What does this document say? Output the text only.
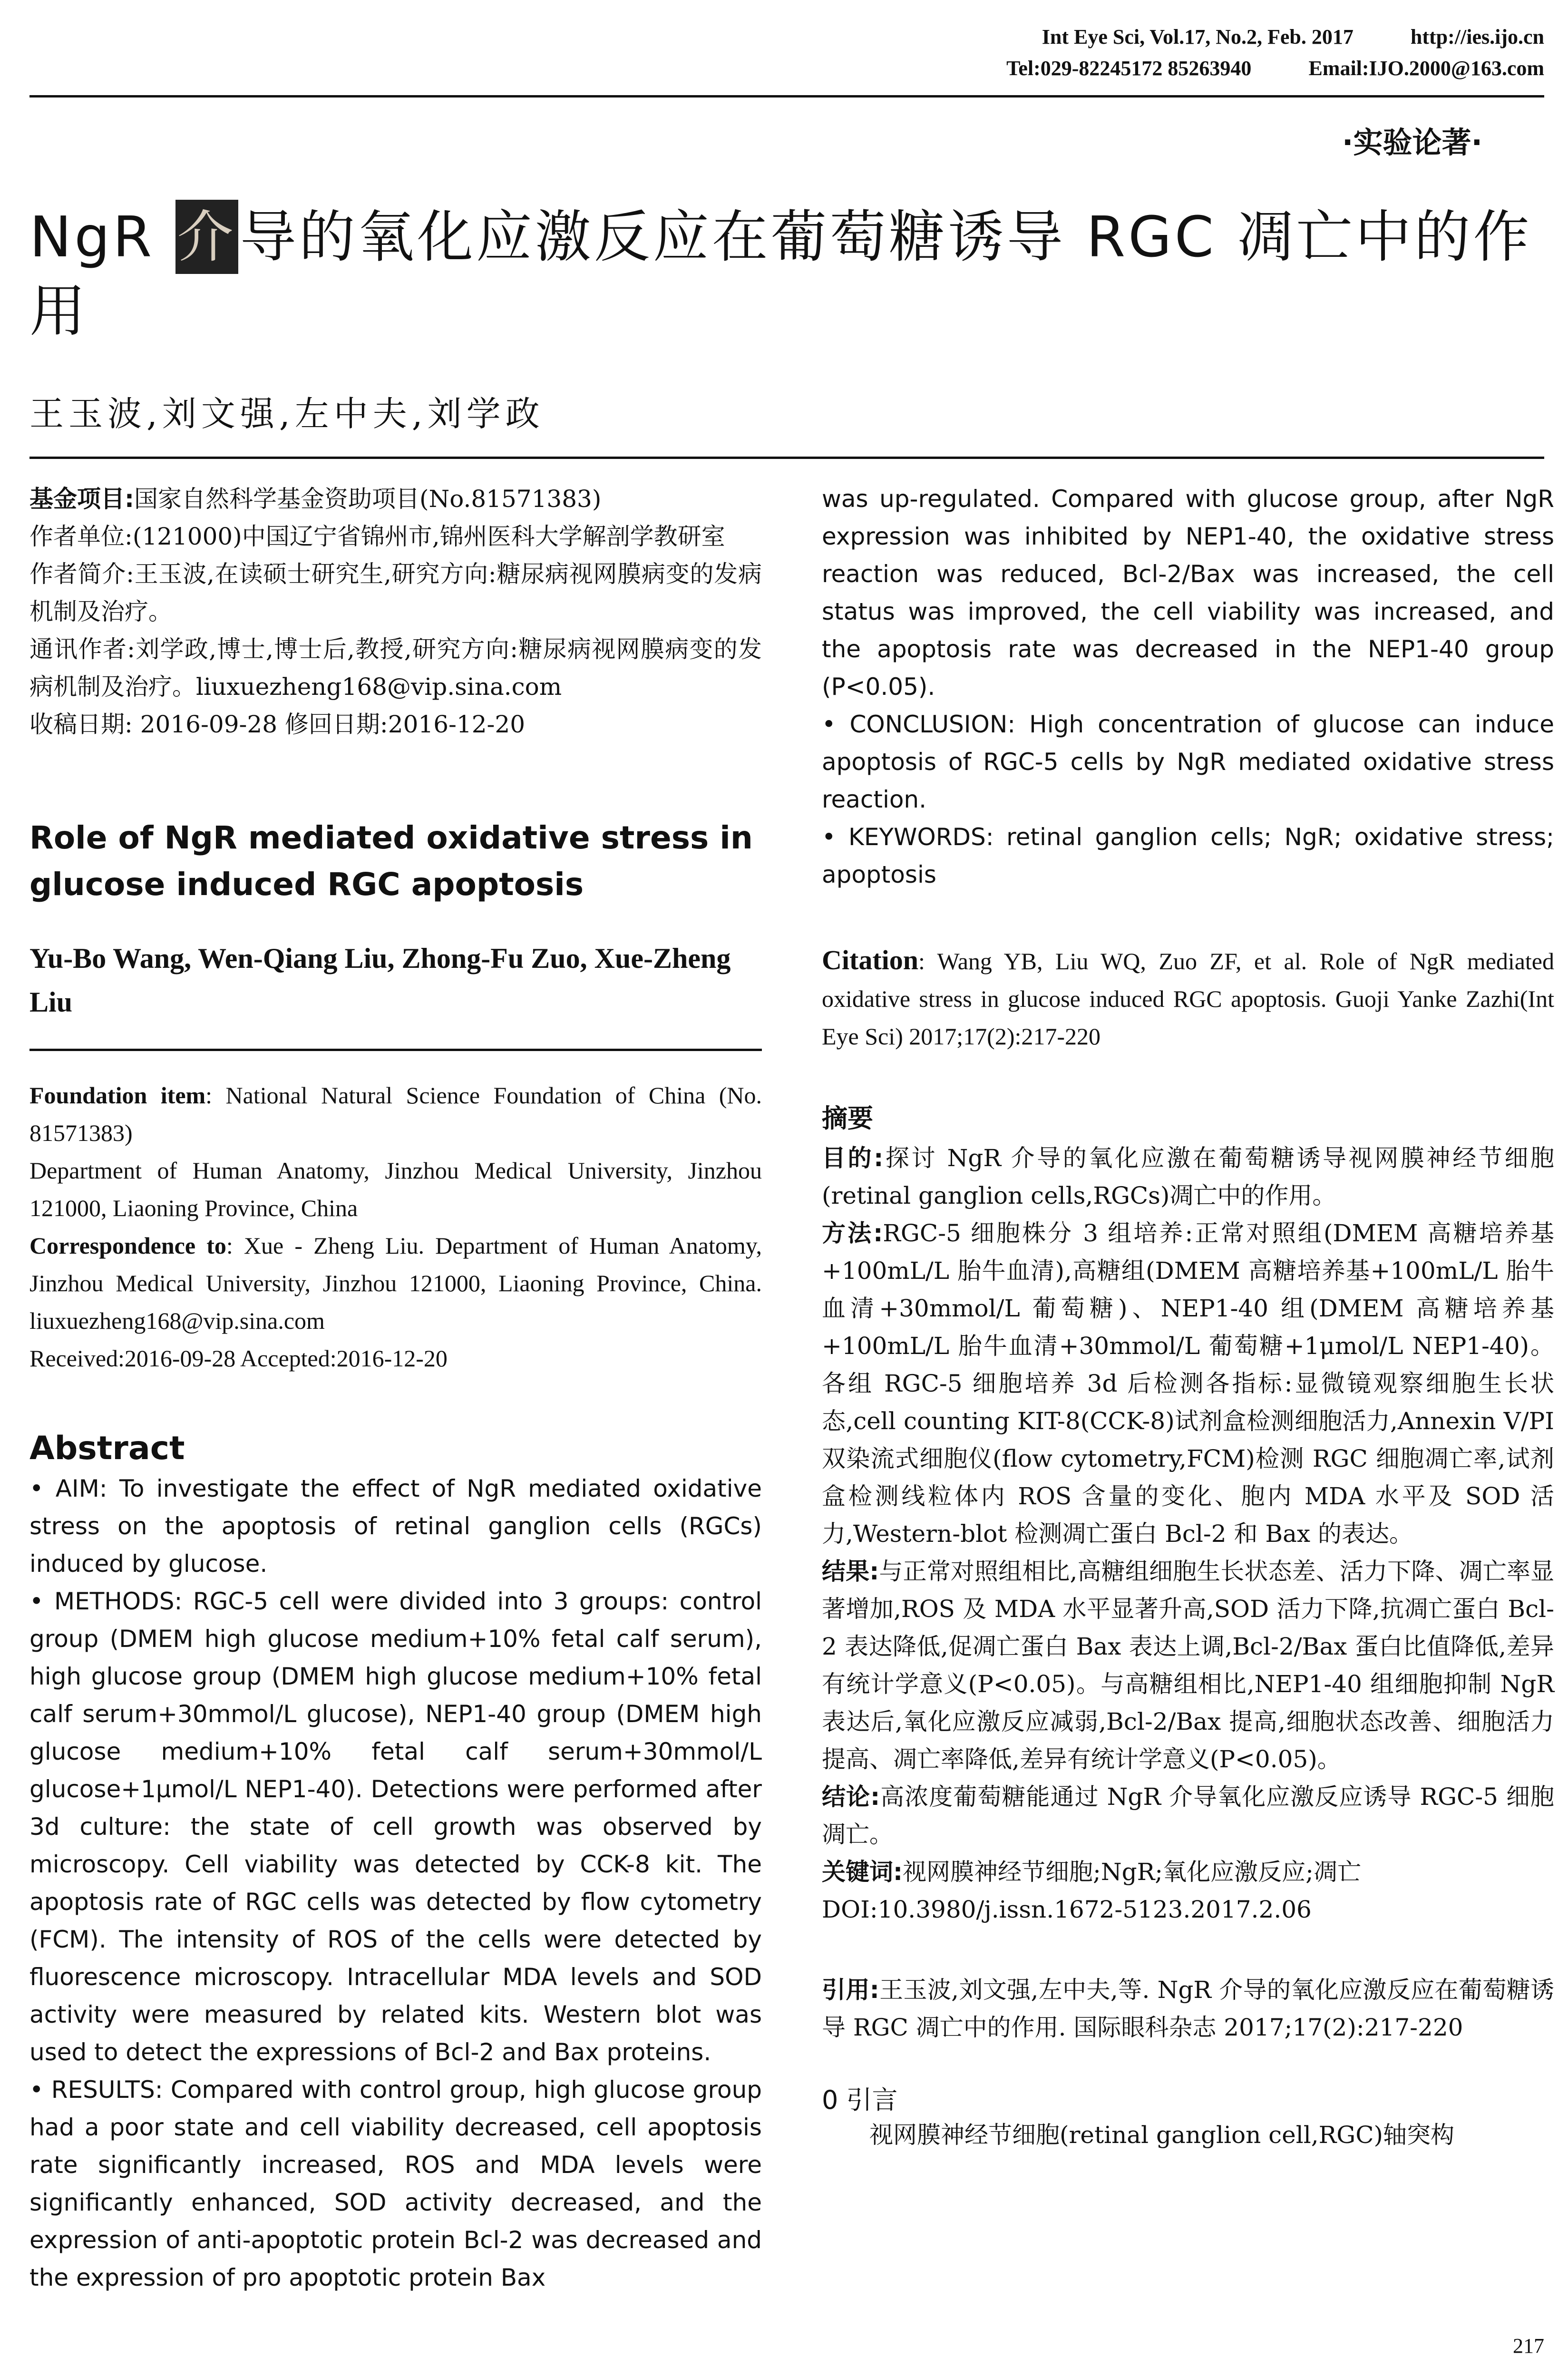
Int Eye Sci, Vol.17, No.2, Feb. 2017	http://ies.ijo.cn
Tel:029-82245172 85263940	Email:IJO.2000@163.com
·实验论著·
NgR 介导的氧化应激反应在葡萄糖诱导 RGC 凋亡中的作用
王玉波,刘文强,左中夫,刘学政

基金项目:国家自然科学基金资助项目(No.81571383)

作者单位:(121000)中国辽宁省锦州市,锦州医科大学解剖学教研室

作者简介:王玉波,在读硕士研究生,研究方向:糖尿病视网膜病变的发病机制及治疗。

通讯作者:刘学政,博士,博士后,教授,研究方向:糖尿病视网膜病变的发病机制及治疗。liuxuezheng168@vip.sina.com

收稿日期: 2016-09-28 修回日期:2016-12-20

Role of NgR mediated oxidative stress in glucose induced RGC apoptosis

Yu-Bo Wang, Wen-Qiang Liu, Zhong-Fu Zuo, Xue-Zheng Liu

Foundation item: National Natural Science Foundation of China (No. 81571383)

Department of Human Anatomy, Jinzhou Medical University, Jinzhou 121000, Liaoning Province, China

Correspondence to: Xue - Zheng Liu. Department of Human Anatomy, Jinzhou Medical University, Jinzhou 121000, Liaoning Province, China. liuxuezheng168@vip.sina.com

Received:2016-09-28 Accepted:2016-12-20

Abstract

• AIM: To investigate the effect of NgR mediated oxidative stress on the apoptosis of retinal ganglion cells (RGCs) induced by glucose.

• METHODS: RGC-5 cell were divided into 3 groups: control group (DMEM high glucose medium+10% fetal calf serum), high glucose group (DMEM high glucose medium+10% fetal calf serum+30mmol/L glucose), NEP1-40 group (DMEM high glucose medium+10% fetal calf serum+30mmol/L glucose+1μmol/L NEP1-40). Detections were performed after 3d culture: the state of cell growth was observed by microscopy. Cell viability was detected by CCK-8 kit. The apoptosis rate of RGC cells was detected by flow cytometry (FCM). The intensity of ROS of the cells were detected by fluorescence microscopy. Intracellular MDA levels and SOD activity were measured by related kits. Western blot was used to detect the expressions of Bcl-2 and Bax proteins.

• RESULTS: Compared with control group, high glucose group had a poor state and cell viability decreased, cell apoptosis rate significantly increased, ROS and MDA levels were significantly enhanced, SOD activity decreased, and the expression of anti-apoptotic protein Bcl-2 was decreased and the expression of pro apoptotic protein Bax

was up-regulated. Compared with glucose group, after NgR expression was inhibited by NEP1-40, the oxidative stress reaction was reduced, Bcl-2/Bax was increased, the cell status was improved, the cell viability was increased, and the apoptosis rate was decreased in the NEP1-40 group (P<0.05).

• CONCLUSION: High concentration of glucose can induce apoptosis of RGC-5 cells by NgR mediated oxidative stress reaction.

• KEYWORDS: retinal ganglion cells; NgR; oxidative stress; apoptosis

Citation: Wang YB, Liu WQ, Zuo ZF, et al. Role of NgR mediated oxidative stress in glucose induced RGC apoptosis. Guoji Yanke Zazhi(Int Eye Sci) 2017;17(2):217-220

摘要

目的:探讨 NgR 介导的氧化应激在葡萄糖诱导视网膜神经节细胞(retinal ganglion cells,RGCs)凋亡中的作用。

方法:RGC-5 细胞株分 3 组培养:正常对照组(DMEM 高糖培养基+100mL/L 胎牛血清),高糖组(DMEM 高糖培养基+100mL/L 胎牛血清+30mmol/L 葡萄糖)、NEP1-40 组(DMEM 高糖培养基+100mL/L 胎牛血清+30mmol/L 葡萄糖+1μmol/L NEP1-40)。各组 RGC-5 细胞培养 3d 后检测各指标:显微镜观察细胞生长状态,cell counting KIT-8(CCK-8)试剂盒检测细胞活力,Annexin V/PI 双染流式细胞仪(flow cytometry,FCM)检测 RGC 细胞凋亡率,试剂盒检测线粒体内 ROS 含量的变化、胞内 MDA 水平及 SOD 活力,Western-blot 检测凋亡蛋白 Bcl-2 和 Bax 的表达。

结果:与正常对照组相比,高糖组细胞生长状态差、活力下降、凋亡率显著增加,ROS 及 MDA 水平显著升高,SOD 活力下降,抗凋亡蛋白 Bcl-2 表达降低,促凋亡蛋白 Bax 表达上调,Bcl-2/Bax 蛋白比值降低,差异有统计学意义(P<0.05)。与高糖组相比,NEP1-40 组细胞抑制 NgR 表达后,氧化应激反应减弱,Bcl-2/Bax 提高,细胞状态改善、细胞活力提高、凋亡率降低,差异有统计学意义(P<0.05)。

结论:高浓度葡萄糖能通过 NgR 介导氧化应激反应诱导 RGC-5 细胞凋亡。

关键词:视网膜神经节细胞;NgR;氧化应激反应;凋亡

DOI:10.3980/j.issn.1672-5123.2017.2.06

引用:王玉波,刘文强,左中夫,等. NgR 介导的氧化应激反应在葡萄糖诱导 RGC 凋亡中的作用. 国际眼科杂志 2017;17(2):217-220

0 引言

视网膜神经节细胞(retinal ganglion cell,RGC)轴突构

217
